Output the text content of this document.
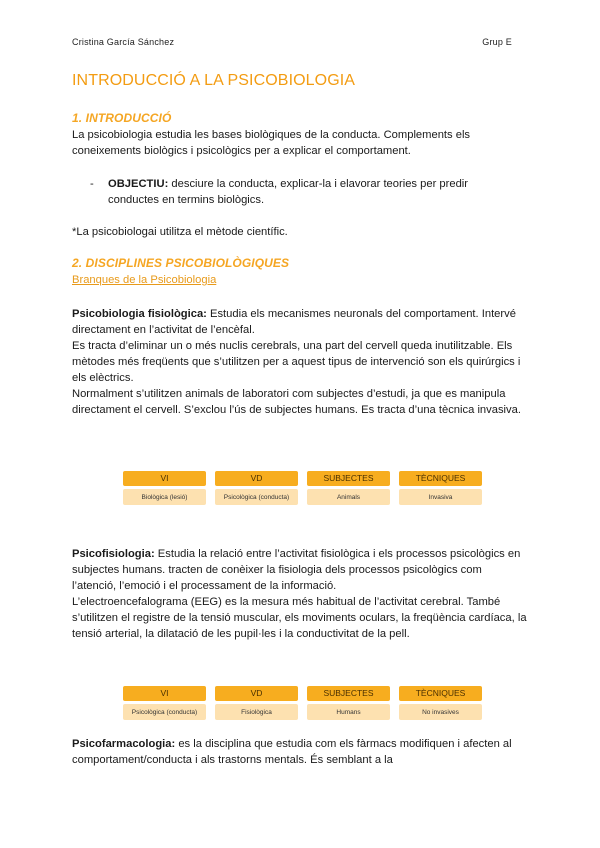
Cristina García Sánchez	Grup E
INTRODUCCIÓ A LA PSICOBIOLOGIA
1. INTRODUCCIÓ
La psicobiologia estudia les bases biològiques de la conducta. Complements els coneixements biològics i psicològics per a explicar el comportament.
- OBJECTIU: desciure la conducta, explicar-la i elavorar teories per predir conductes en termins biològics.
*La psicobiologai utilitza el mètode científic.
2. DISCIPLINES PSICOBIOLÒGIQUES
Branques de la Psicobiologia
Psicobiologia fisiològica: Estudia els mecanismes neuronals del comportament. Intervé directament en l’activitat de l’encèfal.
Es tracta d’eliminar un o més nuclis cerebrals, una part del cervell queda inutilitzable. Els mètodes més freqüents que s’utilitzen per a aquest tipus de intervenció son els quirúrgics i els elèctrics.
Normalment s’utilitzen animals de laboratori com subjectes d’estudi, ja que es manipula directament el cervell. S’exclou l’ús de subjectes humans. Es tracta d’una tècnica invasiva.
VI
Biològica (lesió)
VD
Psicològica (conducta)
SUBJECTES
Animals
TÈCNIQUES
Invasiva
Psicofisiologia: Estudia la relació entre l’activitat fisiològica i els processos psicològics en subjectes humans. tracten de conèixer la fisiologia dels processos psicològics com l’atenció, l’emoció i el processament de la informació.
L’electroencefalograma (EEG) es la mesura més habitual de l’activitat cerebral. També s’utilitzen el registre de la tensió muscular, els moviments oculars, la freqüència cardíaca, la tensió arterial, la dilatació de les pupil·les i la conductivitat de la pell.
VI
Psicològica (conducta)
VD
Fisiològica
SUBJECTES
Humans
TÈCNIQUES
No invasives
Psicofarmacologia: es la disciplina que estudia com els fàrmacs modifiquen i afecten al comportament/conducta i als trastorns mentals. És semblant a la
